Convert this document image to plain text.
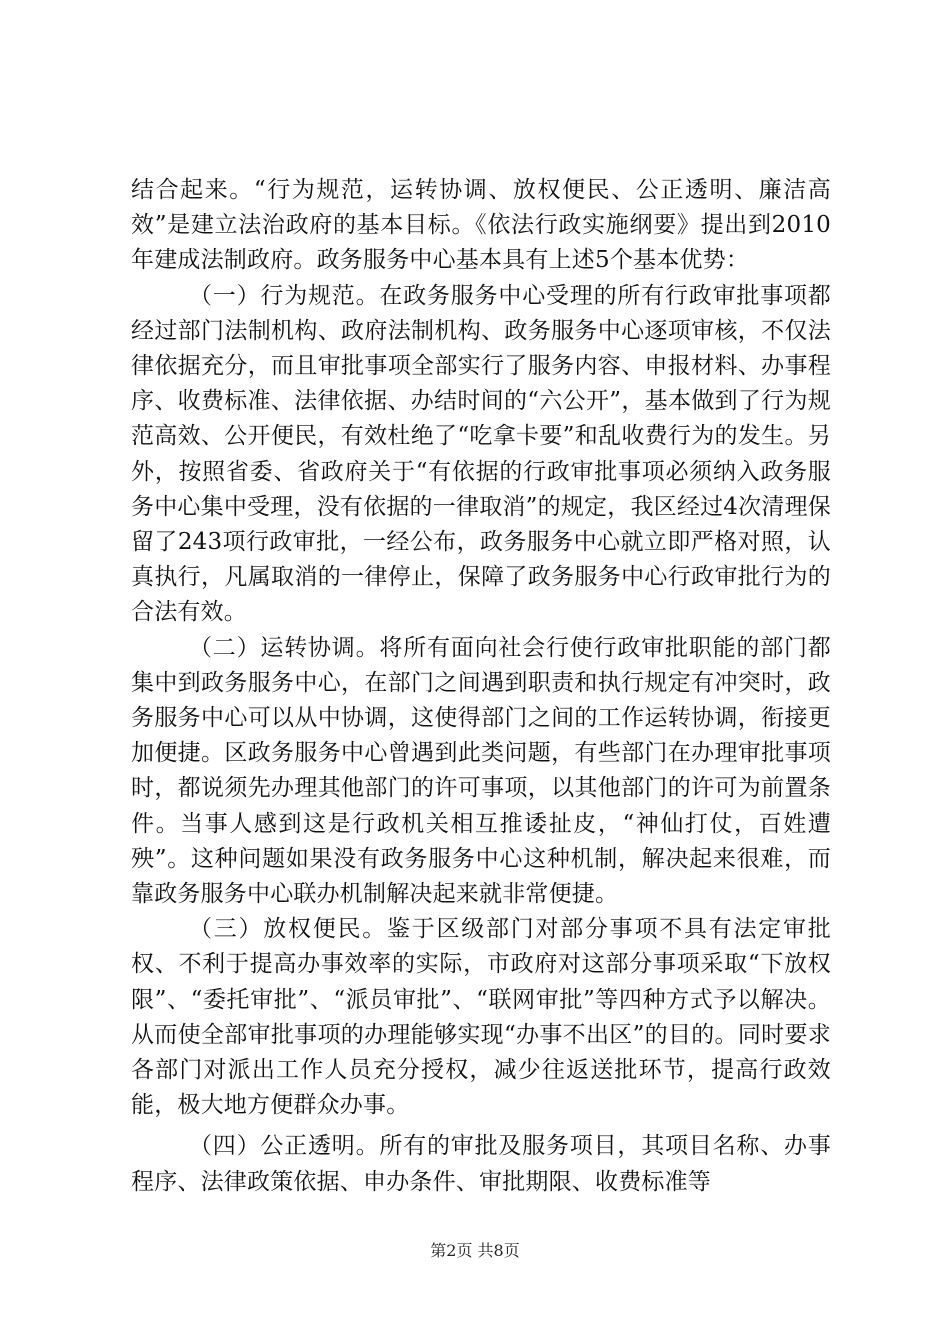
结合起来。“行为规范，运转协调、放权便民、公正透明、廉洁高效”是建立法治政府的基本目标。《依法行政实施纲要》提出到2010年建成法制政府。政务服务中心基本具有上述5个基本优势：

（一）行为规范。在政务服务中心受理的所有行政审批事项都经过部门法制机构、政府法制机构、政务服务中心逐项审核，不仅法律依据充分，而且审批事项全部实行了服务内容、申报材料、办事程序、收费标准、法律依据、办结时间的“六公开”，基本做到了行为规范高效、公开便民，有效杜绝了“吃拿卡要”和乱收费行为的发生。另外，按照省委、省政府关于“有依据的行政审批事项必须纳入政务服务中心集中受理，没有依据的一律取消”的规定，我区经过4次清理保留了243项行政审批，一经公布，政务服务中心就立即严格对照，认真执行，凡属取消的一律停止，保障了政务服务中心行政审批行为的合法有效。

（二）运转协调。将所有面向社会行使行政审批职能的部门都集中到政务服务中心，在部门之间遇到职责和执行规定有冲突时，政务服务中心可以从中协调，这使得部门之间的工作运转协调，衔接更加便捷。区政务服务中心曾遇到此类问题，有些部门在办理审批事项时，都说须先办理其他部门的许可事项，以其他部门的许可为前置条件。当事人感到这是行政机关相互推诿扯皮，“神仙打仗，百姓遭殃”。这种问题如果没有政务服务中心这种机制，解决起来很难，而靠政务服务中心联办机制解决起来就非常便捷。

（三）放权便民。鉴于区级部门对部分事项不具有法定审批权、不利于提高办事效率的实际，市政府对这部分事项采取“下放权限”、“委托审批”、“派员审批”、“联网审批”等四种方式予以解决。从而使全部审批事项的办理能够实现“办事不出区”的目的。同时要求各部门对派出工作人员充分授权，减少往返送批环节，提高行政效能，极大地方便群众办事。

（四）公正透明。所有的审批及服务项目，其项目名称、办事程序、法律政策依据、申办条件、审批期限、收费标准等

第2页 共8页
